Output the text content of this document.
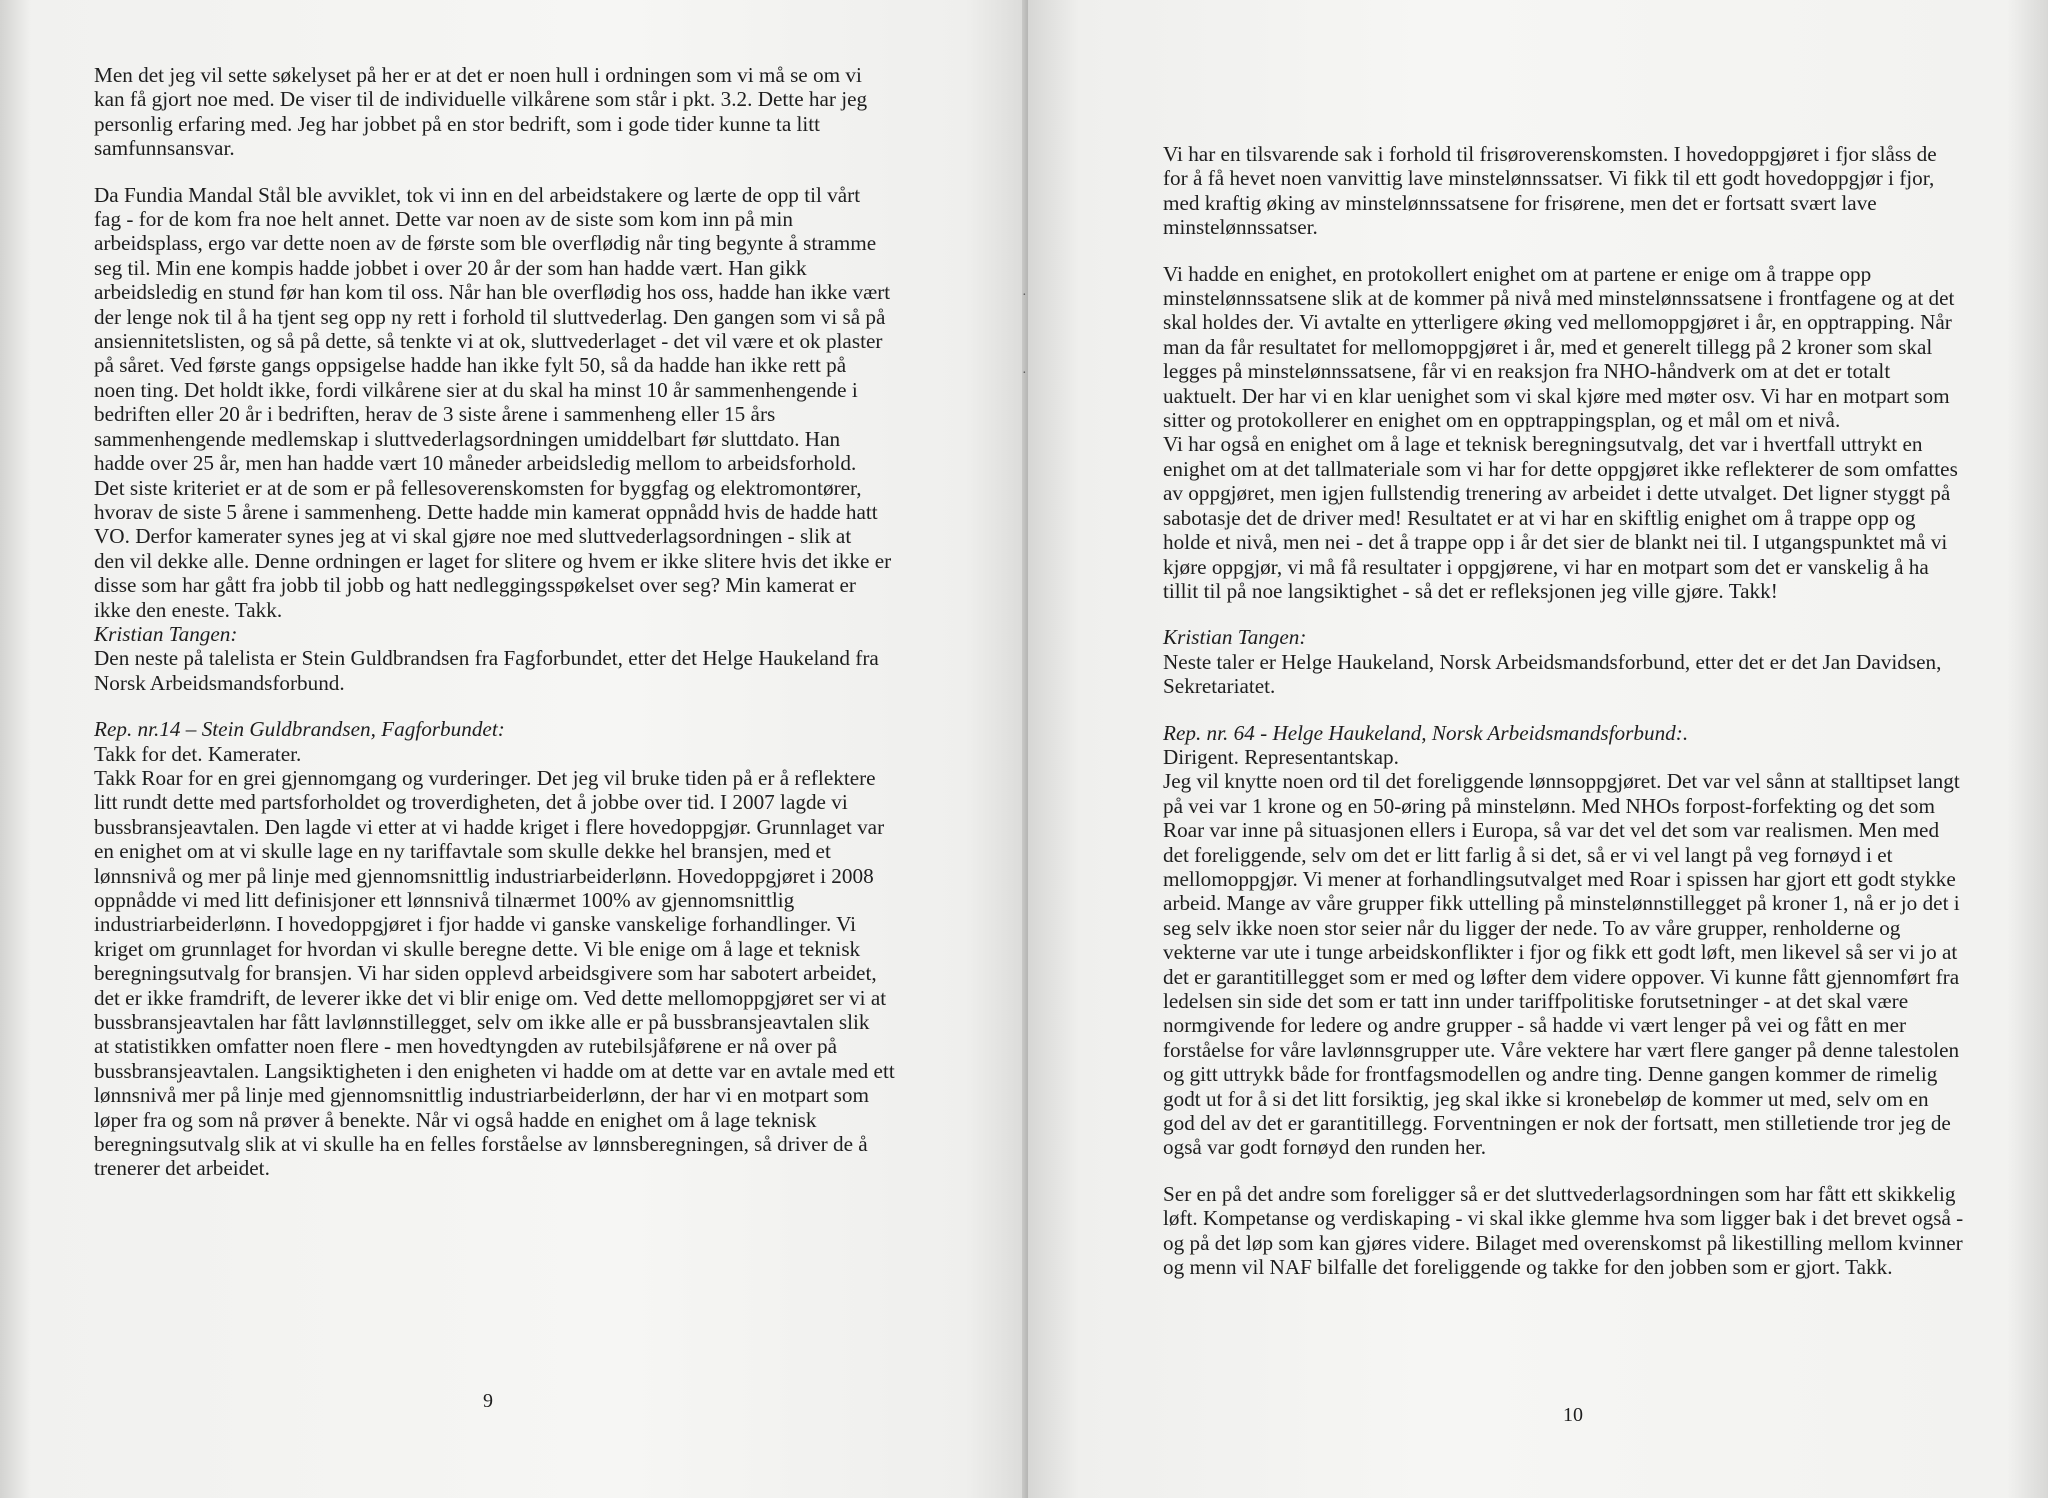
Men det jeg vil sette søkelyset på her er at det er noen hull i ordningen som vi må se om vi

kan få gjort noe med. De viser til de individuelle vilkårene som står i pkt. 3.2. Dette har jeg

personlig erfaring med. Jeg har jobbet på en stor bedrift, som i gode tider kunne ta litt

samfunnsansvar.

Da Fundia Mandal Stål ble avviklet, tok vi inn en del arbeidstakere og lærte de opp til vårt

fag - for de kom fra noe helt annet. Dette var noen av de siste som kom inn på min

arbeidsplass, ergo var dette noen av de første som ble overflødig når ting begynte å stramme

seg til. Min ene kompis hadde jobbet i over 20 år der som han hadde vært. Han gikk

arbeidsledig en stund før han kom til oss. Når han ble overflødig hos oss, hadde han ikke vært

der lenge nok til å ha tjent seg opp ny rett i forhold til sluttvederlag. Den gangen som vi så på

ansiennitetslisten, og så på dette, så tenkte vi at ok, sluttvederlaget - det vil være et ok plaster

på såret. Ved første gangs oppsigelse hadde han ikke fylt 50, så da hadde han ikke rett på

noen ting. Det holdt ikke, fordi vilkårene sier at du skal ha minst 10 år sammenhengende i

bedriften eller 20 år i bedriften, herav de 3 siste årene i sammenheng eller 15 års

sammenhengende medlemskap i sluttvederlagsordningen umiddelbart før sluttdato. Han

hadde over 25 år, men han hadde vært 10 måneder arbeidsledig mellom to arbeidsforhold.

Det siste kriteriet er at de som er på fellesoverenskomsten for byggfag og elektromontører,

hvorav de siste 5 årene i sammenheng. Dette hadde min kamerat oppnådd hvis de hadde hatt

VO. Derfor kamerater synes jeg at vi skal gjøre noe med sluttvederlagsordningen - slik at

den vil dekke alle. Denne ordningen er laget for slitere og hvem er ikke slitere hvis det ikke er

disse som har gått fra jobb til jobb og hatt nedleggingsspøkelset over seg? Min kamerat er

ikke den eneste. Takk.

Kristian Tangen:

Den neste på talelista er Stein Guldbrandsen fra Fagforbundet, etter det Helge Haukeland fra

Norsk Arbeidsmandsforbund.

Rep. nr.14 – Stein Guldbrandsen, Fagforbundet:

Takk for det. Kamerater.

Takk Roar for en grei gjennomgang og vurderinger. Det jeg vil bruke tiden på er å reflektere

litt rundt dette med partsforholdet og troverdigheten, det å jobbe over tid. I 2007 lagde vi

bussbransjeavtalen. Den lagde vi etter at vi hadde kriget i flere hovedoppgjør. Grunnlaget var

en enighet om at vi skulle lage en ny tariffavtale som skulle dekke hel bransjen, med et

lønnsnivå og mer på linje med gjennomsnittlig industriarbeiderlønn. Hovedoppgjøret i 2008

oppnådde vi med litt definisjoner ett lønnsnivå tilnærmet 100% av gjennomsnittlig

industriarbeiderlønn. I hovedoppgjøret i fjor hadde vi ganske vanskelige forhandlinger. Vi

kriget om grunnlaget for hvordan vi skulle beregne dette. Vi ble enige om å lage et teknisk

beregningsutvalg for bransjen. Vi har siden opplevd arbeidsgivere som har sabotert arbeidet,

det er ikke framdrift, de leverer ikke det vi blir enige om. Ved dette mellomoppgjøret ser vi at

bussbransjeavtalen har fått lavlønnstillegget, selv om ikke alle er på bussbransjeavtalen slik

at statistikken omfatter noen flere - men hovedtyngden av rutebilsjåførene er nå over på

bussbransjeavtalen. Langsiktigheten i den enigheten vi hadde om at dette var en avtale med ett

lønnsnivå mer på linje med gjennomsnittlig industriarbeiderlønn, der har vi en motpart som

løper fra og som nå prøver å benekte. Når vi også hadde en enighet om å lage teknisk

beregningsutvalg slik at vi skulle ha en felles forståelse av lønnsberegningen, så driver de å

trenerer det arbeidet.

9
·
·

Vi har en tilsvarende sak i forhold til frisøroverenskomsten. I hovedoppgjøret i fjor slåss de

for å få hevet noen vanvittig lave minstelønnssatser. Vi fikk til ett godt hovedoppgjør i fjor,

med kraftig øking av minstelønnssatsene for frisørene, men det er fortsatt svært lave

minstelønnssatser.

Vi hadde en enighet, en protokollert enighet om at partene er enige om å trappe opp

minstelønnssatsene slik at de kommer på nivå med minstelønnssatsene i frontfagene og at det

skal holdes der. Vi avtalte en ytterligere øking ved mellomoppgjøret i år, en opptrapping. Når

man da får resultatet for mellomoppgjøret i år, med et generelt tillegg på 2 kroner som skal

legges på minstelønnssatsene, får vi en reaksjon fra NHO-håndverk om at det er totalt

uaktuelt. Der har vi en klar uenighet som vi skal kjøre med møter osv. Vi har en motpart som

sitter og protokollerer en enighet om en opptrappingsplan, og et mål om et nivå.

Vi har også en enighet om å lage et teknisk beregningsutvalg, det var i hvertfall uttrykt en

enighet om at det tallmateriale som vi har for dette oppgjøret ikke reflekterer de som omfattes

av oppgjøret, men igjen fullstendig trenering av arbeidet i dette utvalget. Det ligner styggt på

sabotasje det de driver med! Resultatet er at vi har en skiftlig enighet om å trappe opp og

holde et nivå, men nei - det å trappe opp i år det sier de blankt nei til. I utgangspunktet må vi

kjøre oppgjør, vi må få resultater i oppgjørene, vi har en motpart som det er vanskelig å ha

tillit til på noe langsiktighet - så det er refleksjonen jeg ville gjøre. Takk!

Kristian Tangen:

Neste taler er Helge Haukeland, Norsk Arbeidsmandsforbund, etter det er det Jan Davidsen,

Sekretariatet.

Rep. nr. 64 - Helge Haukeland, Norsk Arbeidsmandsforbund:.

Dirigent. Representantskap.

Jeg vil knytte noen ord til det foreliggende lønnsoppgjøret. Det var vel sånn at stalltipset langt

på vei var 1 krone og en 50-øring på minstelønn. Med NHOs forpost-forfekting og det som

Roar var inne på situasjonen ellers i Europa, så var det vel det som var realismen. Men med

det foreliggende, selv om det er litt farlig å si det, så er vi vel langt på veg fornøyd i et

mellomoppgjør. Vi mener at forhandlingsutvalget med Roar i spissen har gjort ett godt stykke

arbeid. Mange av våre grupper fikk uttelling på minstelønnstillegget på kroner 1, nå er jo det i

seg selv ikke noen stor seier når du ligger der nede. To av våre grupper, renholderne og

vekterne var ute i tunge arbeidskonflikter i fjor og fikk ett godt løft, men likevel så ser vi jo at

det er garantitillegget som er med og løfter dem videre oppover. Vi kunne fått gjennomført fra

ledelsen sin side det som er tatt inn under tariffpolitiske forutsetninger - at det skal være

normgivende for ledere og andre grupper - så hadde vi vært lenger på vei og fått en mer

forståelse for våre lavlønnsgrupper ute. Våre vektere har vært flere ganger på denne talestolen

og gitt uttrykk både for frontfagsmodellen og andre ting. Denne gangen kommer de rimelig

godt ut for å si det litt forsiktig, jeg skal ikke si kronebeløp de kommer ut med, selv om en

god del av det er garantitillegg. Forventningen er nok der fortsatt, men stilletiende tror jeg de

også var godt fornøyd den runden her.

Ser en på det andre som foreligger så er det sluttvederlagsordningen som har fått ett skikkelig

løft. Kompetanse og verdiskaping - vi skal ikke glemme hva som ligger bak i det brevet også -

og på det løp som kan gjøres videre. Bilaget med overenskomst på likestilling mellom kvinner

og menn vil NAF bilfalle det foreliggende og takke for den jobben som er gjort. Takk.

10
